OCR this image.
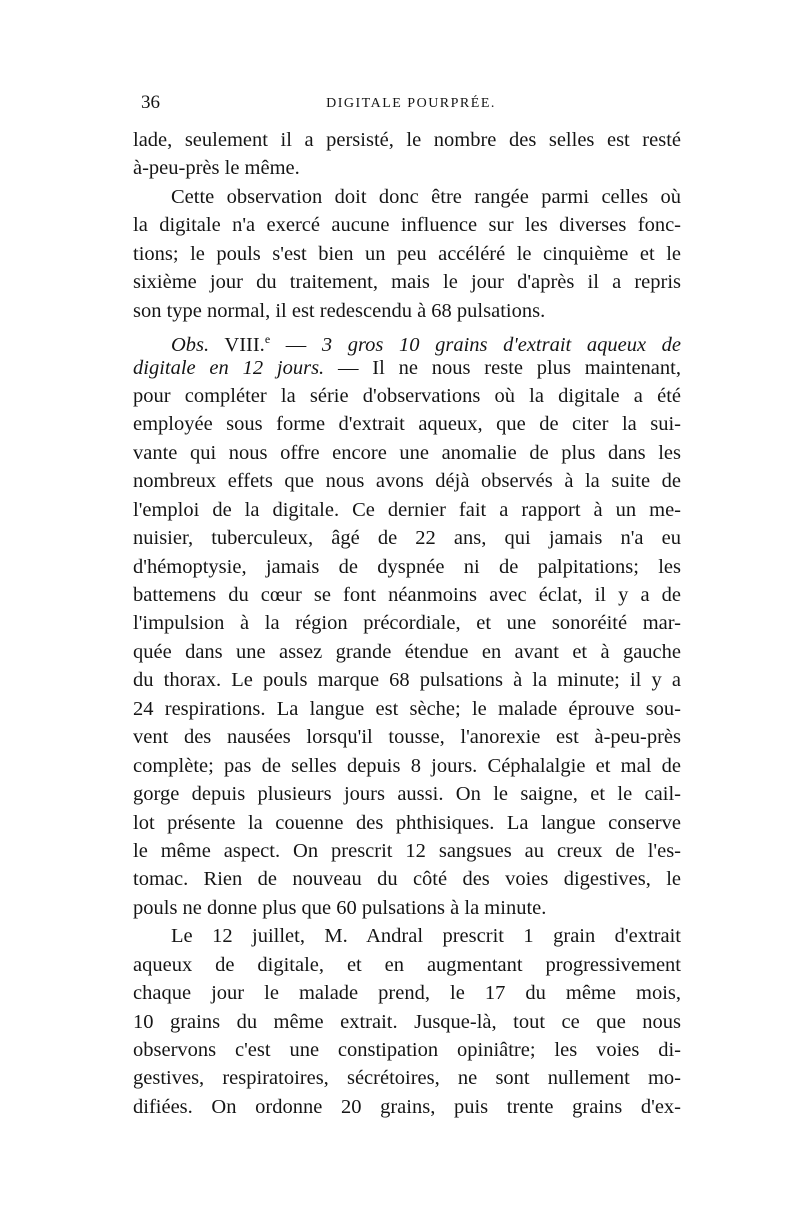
36	DIGITALE POURPRÉE.
lade, seulement il a persisté, le nombre des selles est resté
à-peu-près le même.
Cette observation doit donc être rangée parmi celles où
la digitale n'a exercé aucune influence sur les diverses fonc-
tions; le pouls s'est bien un peu accéléré le cinquième et le
sixième jour du traitement, mais le jour d'après il a repris
son type normal, il est redescendu à 68 pulsations.
Obs. VIII.$^e$ — 3 gros 10 grains d'extrait aqueux de
digitale en 12 jours. — Il ne nous reste plus maintenant,
pour compléter la série d'observations où la digitale a été
employée sous forme d'extrait aqueux, que de citer la sui-
vante qui nous offre encore une anomalie de plus dans les
nombreux effets que nous avons déjà observés à la suite de
l'emploi de la digitale. Ce dernier fait a rapport à un me-
nuisier, tuberculeux, âgé de 22 ans, qui jamais n'a eu
d'hémoptysie, jamais de dyspnée ni de palpitations; les
battemens du cœur se font néanmoins avec éclat, il y a de
l'impulsion à la région précordiale, et une sonoréité mar-
quée dans une assez grande étendue en avant et à gauche
du thorax. Le pouls marque 68 pulsations à la minute; il y a
24 respirations. La langue est sèche; le malade éprouve sou-
vent des nausées lorsqu'il tousse, l'anorexie est à-peu-près
complète; pas de selles depuis 8 jours. Céphalalgie et mal de
gorge depuis plusieurs jours aussi. On le saigne, et le cail-
lot présente la couenne des phthisiques. La langue conserve
le même aspect. On prescrit 12 sangsues au creux de l'es-
tomac. Rien de nouveau du côté des voies digestives, le
pouls ne donne plus que 60 pulsations à la minute.
Le 12 juillet, M. Andral prescrit 1 grain d'extrait
aqueux de digitale, et en augmentant progressivement
chaque jour le malade prend, le 17 du même mois,
10 grains du même extrait. Jusque-là, tout ce que nous
observons c'est une constipation opiniâtre; les voies di-
gestives, respiratoires, sécrétoires, ne sont nullement mo-
difiées. On ordonne 20 grains, puis trente grains d'ex-
